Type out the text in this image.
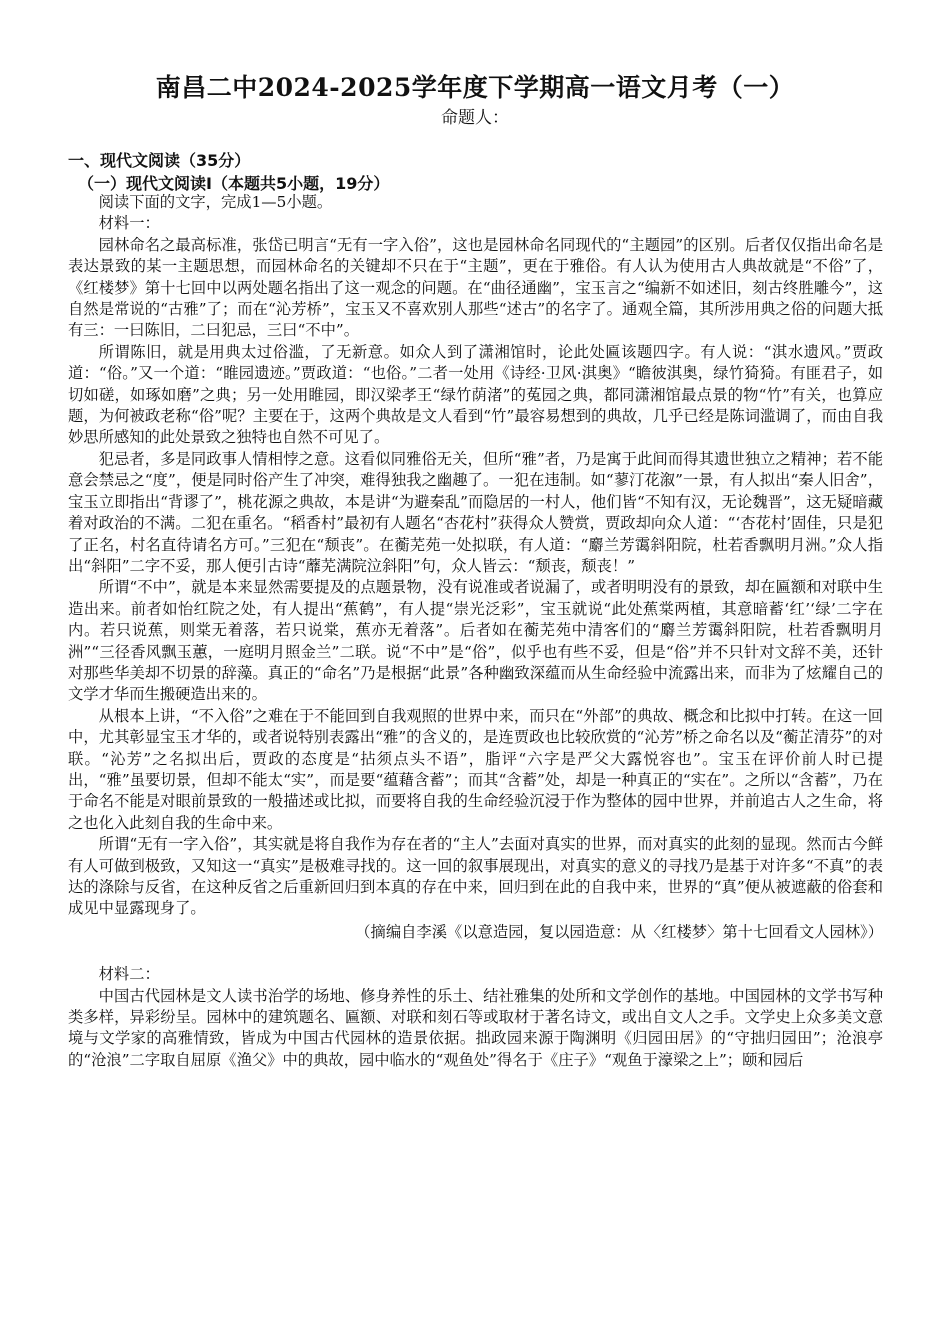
南昌二中2024-2025学年度下学期高一语文月考（一）
命题人：
一、现代文阅读（35分）
（一）现代文阅读Ⅰ（本题共5小题，19分）

阅读下面的文字，完成1—5小题。

材料一：

园林命名之最高标准，张岱已明言“无有一字入俗”，这也是园林命名同现代的“主题园”的区别。后者仅仅指出命名是表达景致的某一主题思想，而园林命名的关键却不只在于“主题”，更在于雅俗。有人认为使用古人典故就是“不俗”了，《红楼梦》第十七回中以两处题名指出了这一观念的问题。在“曲径通幽”，宝玉言之“编新不如述旧，刻古终胜雕今”，这自然是常说的“古雅”了；而在“沁芳桥”，宝玉又不喜欢别人那些“述古”的名字了。通观全篇，其所涉用典之俗的问题大抵有三：一曰陈旧，二曰犯忌，三曰“不中”。

所谓陈旧，就是用典太过俗滥，了无新意。如众人到了潇湘馆时，论此处匾该题四字。有人说：“淇水遗风。”贾政道：“俗。”又一个道：“睢园遗迹。”贾政道：“也俗。”二者一处用《诗经·卫风·淇奥》“瞻彼淇奥，绿竹猗猗。有匪君子，如切如磋，如琢如磨”之典；另一处用睢园，即汉梁孝王“绿竹荫渚”的菟园之典，都同潇湘馆最点景的物“竹”有关，也算应题，为何被政老称“俗”呢？主要在于，这两个典故是文人看到“竹”最容易想到的典故，几乎已经是陈词滥调了，而由自我妙思所感知的此处景致之独特也自然不可见了。

犯忌者，多是同政事人情相悖之意。这看似同雅俗无关，但所“雅”者，乃是寓于此间而得其遗世独立之精神；若不能意会禁忌之“度”，便是同时俗产生了冲突，难得独我之幽趣了。一犯在违制。如“蓼汀花溆”一景，有人拟出“秦人旧舍”，宝玉立即指出“背谬了”，桃花源之典故，本是讲“为避秦乱”而隐居的一村人，他们皆“不知有汉，无论魏晋”，这无疑暗藏着对政治的不满。二犯在重名。“稻香村”最初有人题名“杏花村”获得众人赞赏，贾政却向众人道：“‘杏花村’固佳，只是犯了正名，村名直待请名方可。”三犯在“颓丧”。在蘅芜苑一处拟联，有人道：“麝兰芳霭斜阳院，杜若香飘明月洲。”众人指出“斜阳”二字不妥，那人便引古诗“蘼芜满院泣斜阳”句，众人皆云：“颓丧，颓丧！”

所谓“不中”，就是本来显然需要提及的点题景物，没有说准或者说漏了，或者明明没有的景致，却在匾额和对联中生造出来。前者如怡红院之处，有人提出“蕉鹤”，有人提“崇光泛彩”，宝玉就说“此处蕉棠两植，其意暗蓄‘红’‘绿’二字在内。若只说蕉，则棠无着落，若只说棠，蕉亦无着落”。后者如在蘅芜苑中清客们的“麝兰芳霭斜阳院，杜若香飘明月洲”“三径香风飘玉蕙，一庭明月照金兰”二联。说“不中”是“俗”，似乎也有些不妥，但是“俗”并不只针对文辞不美，还针对那些华美却不切景的辞藻。真正的“命名”乃是根据“此景”各种幽致深蕴而从生命经验中流露出来，而非为了炫耀自己的文学才华而生搬硬造出来的。

从根本上讲，“不入俗”之难在于不能回到自我观照的世界中来，而只在“外部”的典故、概念和比拟中打转。在这一回中，尤其彰显宝玉才华的，或者说特别表露出“雅”的含义的，是连贾政也比较欣赏的“沁芳”桥之命名以及“蘅芷清芬”的对联。“沁芳”之名拟出后，贾政的态度是“拈须点头不语”，脂评“六字是严父大露悦容也”。宝玉在评价前人时已提出，“雅”虽要切景，但却不能太“实”，而是要“蕴藉含蓄”；而其“含蓄”处，却是一种真正的“实在”。之所以“含蓄”，乃在于命名不能是对眼前景致的一般描述或比拟，而要将自我的生命经验沉浸于作为整体的园中世界，并前追古人之生命，将之也化入此刻自我的生命中来。

所谓“无有一字入俗”，其实就是将自我作为存在者的“主人”去面对真实的世界，而对真实的此刻的显现。然而古今鲜有人可做到极致，又知这一“真实”是极难寻找的。这一回的叙事展现出，对真实的意义的寻找乃是基于对许多“不真”的表达的涤除与反省，在这种反省之后重新回归到本真的存在中来，回归到在此的自我中来，世界的“真”便从被遮蔽的俗套和成见中显露现身了。

（摘编自李溪《以意造园，复以园造意：从〈红楼梦〉第十七回看文人园林》）

材料二：

中国古代园林是文人读书治学的场地、修身养性的乐土、结社雅集的处所和文学创作的基地。中国园林的文学书写种类多样，异彩纷呈。园林中的建筑题名、匾额、对联和刻石等或取材于著名诗文，或出自文人之手。文学史上众多美文意境与文学家的高雅情致，皆成为中国古代园林的造景依据。拙政园来源于陶渊明《归园田居》的“守拙归园田”；沧浪亭的“沧浪”二字取自屈原《渔父》中的典故，园中临水的“观鱼处”得名于《庄子》“观鱼于濠梁之上”；颐和园后
